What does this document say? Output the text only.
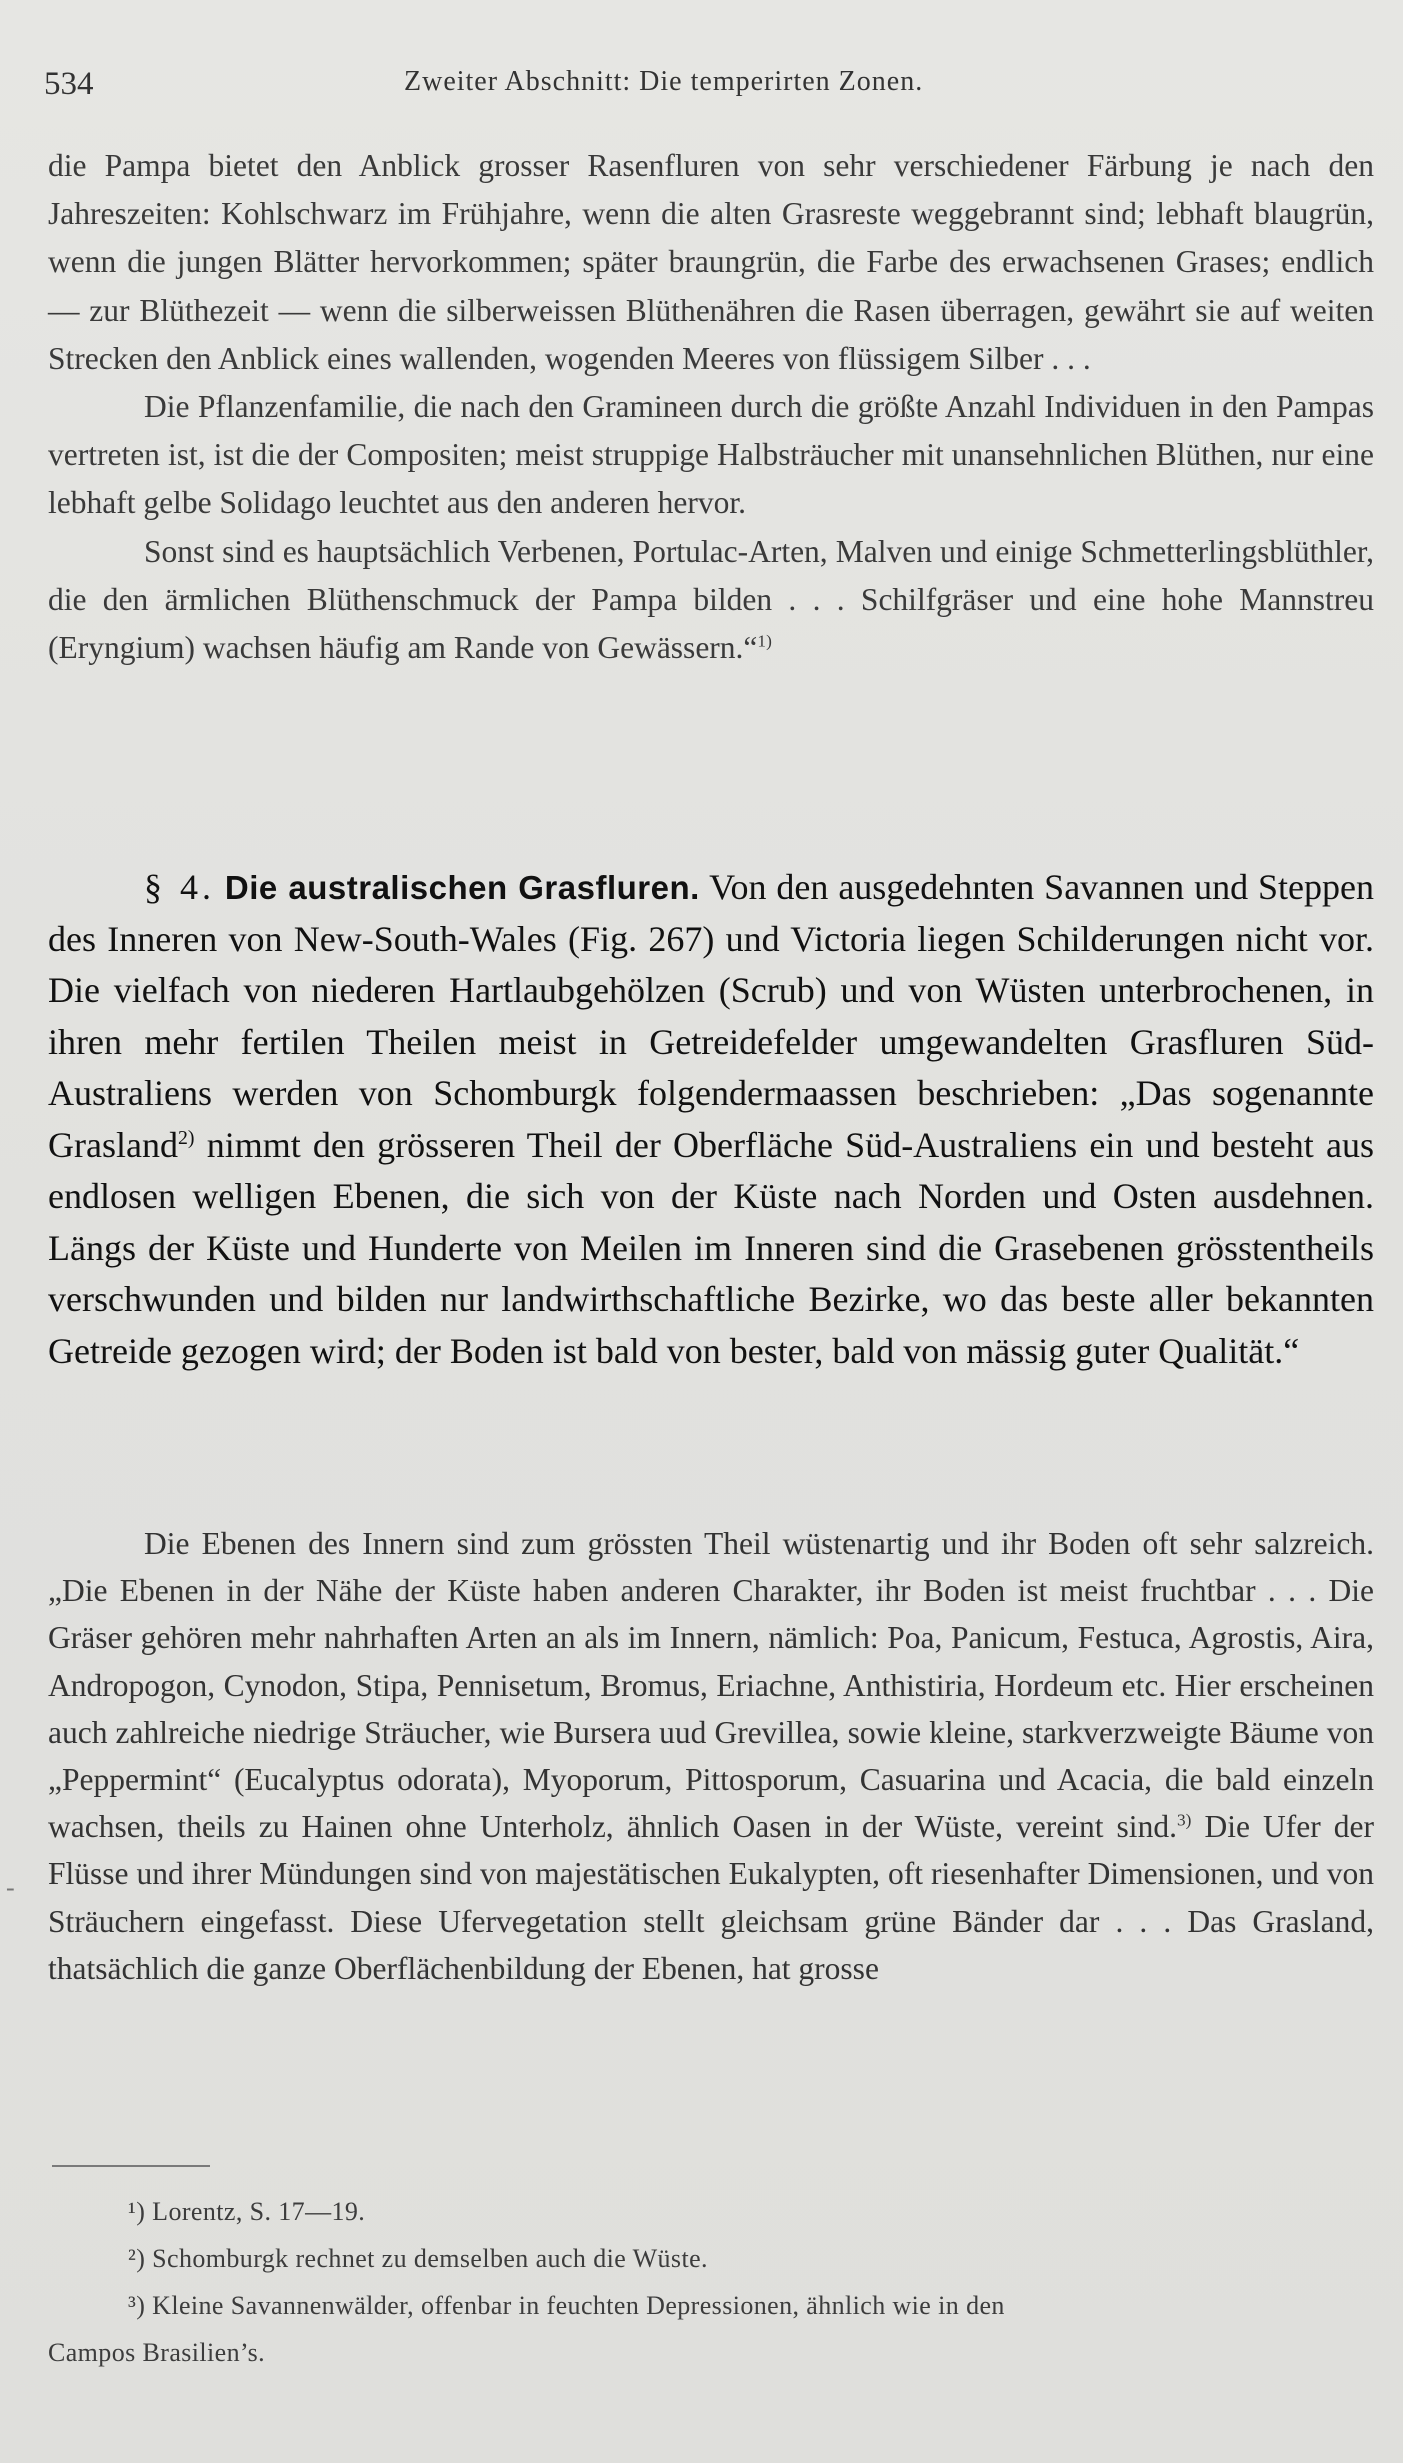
-
534	Zweiter Abschnitt: Die temperirten Zonen.

die Pampa bietet den Anblick grosser Rasenfluren von sehr verschiedener Färbung je nach den Jahreszeiten: Kohlschwarz im Frühjahre, wenn die alten Grasreste weggebrannt sind; lebhaft blaugrün, wenn die jungen Blätter hervorkommen; später braungrün, die Farbe des erwachsenen Grases; endlich — zur Blüthezeit — wenn die silberweissen Blüthenähren die Rasen überragen, gewährt sie auf weiten Strecken den Anblick eines wallenden, wogenden Meeres von flüssigem Silber . . .

Die Pflanzenfamilie, die nach den Gramineen durch die größte Anzahl Individuen in den Pampas vertreten ist, ist die der Compositen; meist struppige Halbsträucher mit unansehnlichen Blüthen, nur eine lebhaft gelbe Solidago leuchtet aus den anderen hervor.

Sonst sind es hauptsächlich Verbenen, Portulac-Arten, Malven und einige Schmetterlingsblüthler, die den ärmlichen Blüthenschmuck der Pampa bilden . . . Schilfgräser und eine hohe Mannstreu (Eryngium) wachsen häufig am Rande von Gewässern.“$^{1)}$

§ 4. Die australischen Grasfluren. Von den ausgedehnten Savannen und Steppen des Inneren von New-South-Wales (Fig. 267) und Victoria liegen Schilderungen nicht vor. Die vielfach von niederen Hartlaubgehölzen (Scrub) und von Wüsten unterbrochenen, in ihren mehr fertilen Theilen meist in Getreidefelder umgewandelten Grasfluren Süd-Australiens werden von Schomburgk folgendermaassen beschrieben: „Das sogenannte Grasland$^{2)}$ nimmt den grösseren Theil der Oberfläche Süd-Australiens ein und besteht aus endlosen welligen Ebenen, die sich von der Küste nach Norden und Osten ausdehnen. Längs der Küste und Hunderte von Meilen im Inneren sind die Grasebenen grösstentheils verschwunden und bilden nur landwirthschaftliche Bezirke, wo das beste aller bekannten Getreide gezogen wird; der Boden ist bald von bester, bald von mässig guter Qualität.“

Die Ebenen des Innern sind zum grössten Theil wüstenartig und ihr Boden oft sehr salzreich. „Die Ebenen in der Nähe der Küste haben anderen Charakter, ihr Boden ist meist fruchtbar . . . Die Gräser gehören mehr nahrhaften Arten an als im Innern, nämlich: Poa, Panicum, Festuca, Agrostis, Aira, Andropogon, Cynodon, Stipa, Pennisetum, Bromus, Eriachne, Anthistiria, Hordeum etc. Hier erscheinen auch zahlreiche niedrige Sträucher, wie Bursera uud Grevillea, sowie kleine, starkverzweigte Bäume von „Peppermint“ (Eucalyptus odorata), Myoporum, Pittosporum, Casuarina und Acacia, die bald einzeln wachsen, theils zu Hainen ohne Unterholz, ähnlich Oasen in der Wüste, vereint sind.$^{3)}$ Die Ufer der Flüsse und ihrer Mündungen sind von majestätischen Eukalypten, oft riesenhafter Dimensionen, und von Sträuchern eingefasst. Diese Ufervegetation stellt gleichsam grüne Bänder dar . . . Das Grasland, thatsächlich die ganze Oberflächenbildung der Ebenen, hat grosse

¹) Lorentz, S. 17—19.

²) Schomburgk rechnet zu demselben auch die Wüste.

³) Kleine Savannenwälder, offenbar in feuchten Depressionen, ähnlich wie in den

Campos Brasilien’s.
